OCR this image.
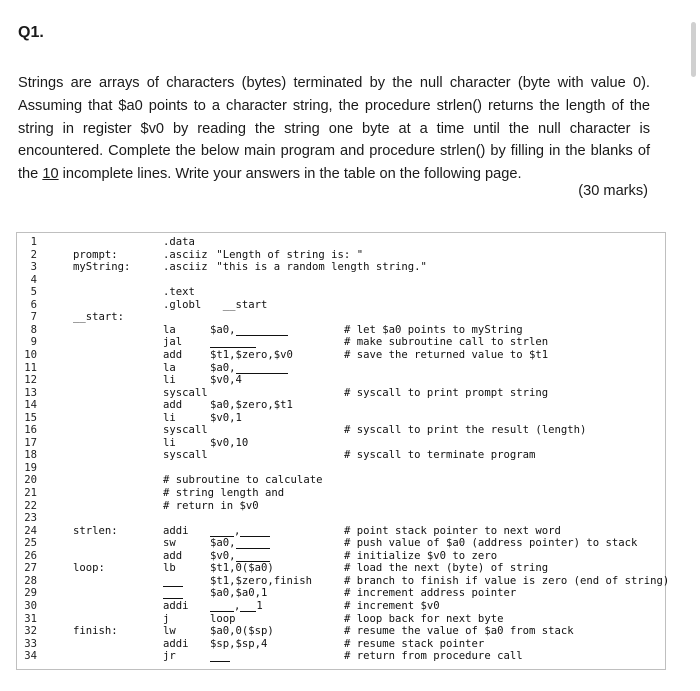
Q1.
Strings are arrays of characters (bytes) terminated by the null character (byte with value 0). Assuming that $a0 points to a character string, the procedure strlen() returns the length of the string in register $v0 by reading the string one byte at a time until the null character is encountered. Complete the below main program and procedure strlen() by filling in the blanks of the 10 incomplete lines. Write your answers in the table on the following page.
(30 marks)
1	.data
2	prompt:	.asciiz "Length of string is: "
3	myString:	.asciiz "this is a random length string."
4
5	.text
6	.globl __start
7	__start:
8	la	$a0,	# let $a0 points to myString
9	jal	# make subroutine call to strlen
10	add	$t1,$zero,$v0	# save the returned value to $t1
11	la	$a0,
12	li	$v0,4
13	syscall	# syscall to print prompt string
14	add	$a0,$zero,$t1
15	li	$v0,1
16	syscall	# syscall to print the result (length)
17	li	$v0,10
18	syscall	# syscall to terminate program
19
20	# subroutine to calculate
21	# string length and
22	# return in $v0
23
24	strlen:	addi	,	# point stack pointer to next word
25	sw	$a0,	# push value of $a0 (address pointer) to stack
26	add	$v0,	# initialize $v0 to zero
27	loop:	lb	$t1,0($a0)	# load the next (byte) of string
28	$t1,$zero,finish	# branch to finish if value is zero (end of string)
29	$a0,$a0,1	# increment address pointer
30	addi	, 1	# increment $v0
31	j	loop	# loop back for next byte
32	finish:	lw	$a0,0($sp)	# resume the value of $a0 from stack
33	addi $sp,$sp,4	# resume stack pointer
34	jr	# return from procedure call
